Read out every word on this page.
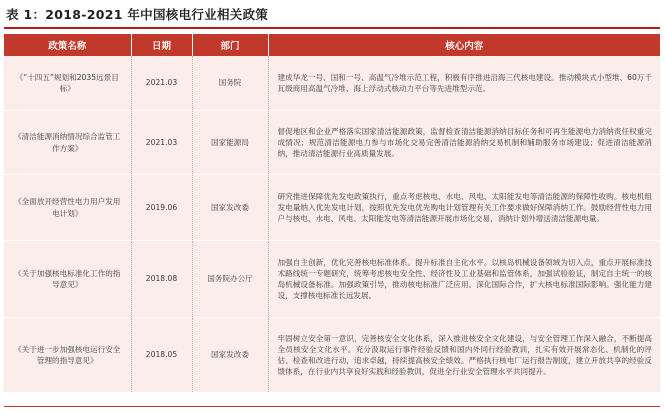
表 1：2018-2021 年中国核电行业相关政策
政策名称	日期	部门	核心内容
《“十四五”规划和2035远景目标》	2021.03	国务院	建成华龙一号、国和一号、高温气冷堆示范工程，积极有序推进沿海三代核电建设。推动模块式小型堆、60万千瓦级商用高温气冷堆、海上浮动式核动力平台等先进堆型示范。
《清洁能源消纳情况综合监管工作方案》	2021.03	国家能源局	督促地区和企业严格落实国家清洁能源政策，监督检查清洁能源消纳目标任务和可再生能源电力消纳责任权重完成情况；规范清洁能源电力参与市场化交易完善清洁能源消纳交易机制和辅助服务市场建设；促进清洁能源消纳，推动清洁能源行业高质量发展。
《全面放开经营性电力用户发用电计划》	2019.06	国家发改委	研究推进保障优先发电政策执行，重点考虑核电、水电、风电、太阳能发电等清洁能源的保障性收购。核电机组发电量纳入优先发电计划，按照优先发电优先购电计划管理有关工作要求做好保障消纳工作。鼓励经营性电力用户与核电、水电、风电、太阳能发电等清洁能源开展市场化交易，消纳计划外增送清洁能源电量。
《关于加强核电标准化工作的指导意见》	2018.08	国务院办公厅	加强自主创新，优化完善核电标准体系。提升标准自主化水平。以核岛机械设备领域为切入点，重点开展标准技术路线统一专题研究，统筹考虑核电安全性、经济性及工业基础和监管体系，加强试验验证，制定自主统一的核岛机械设备标准。加强政策引导，推动核电标准广泛应用。深化国际合作，扩大核电标准国际影响。强化能力建设，支撑核电标准长远发展。
《关于进一步加强核电运行安全管理的指导意见》	2018.05	国家发改委	牢固树立安全第一意识，完善核安全文化体系，深入推进核安全文化建设，与安全管理工作深入融合，不断提高全员核安全文化水平。充分汲取运行事件经验反馈和国内外同行经验教训，扎实有效开展常态化、机制化的评估、检查和改进行动，追求卓越，持续提高核安全绩效。严格执行核电厂运行报告制度，建立开放共享的经验反馈体系，在行业内共享良好实践和经验教训，促进全行业安全管理水平共同提升。
